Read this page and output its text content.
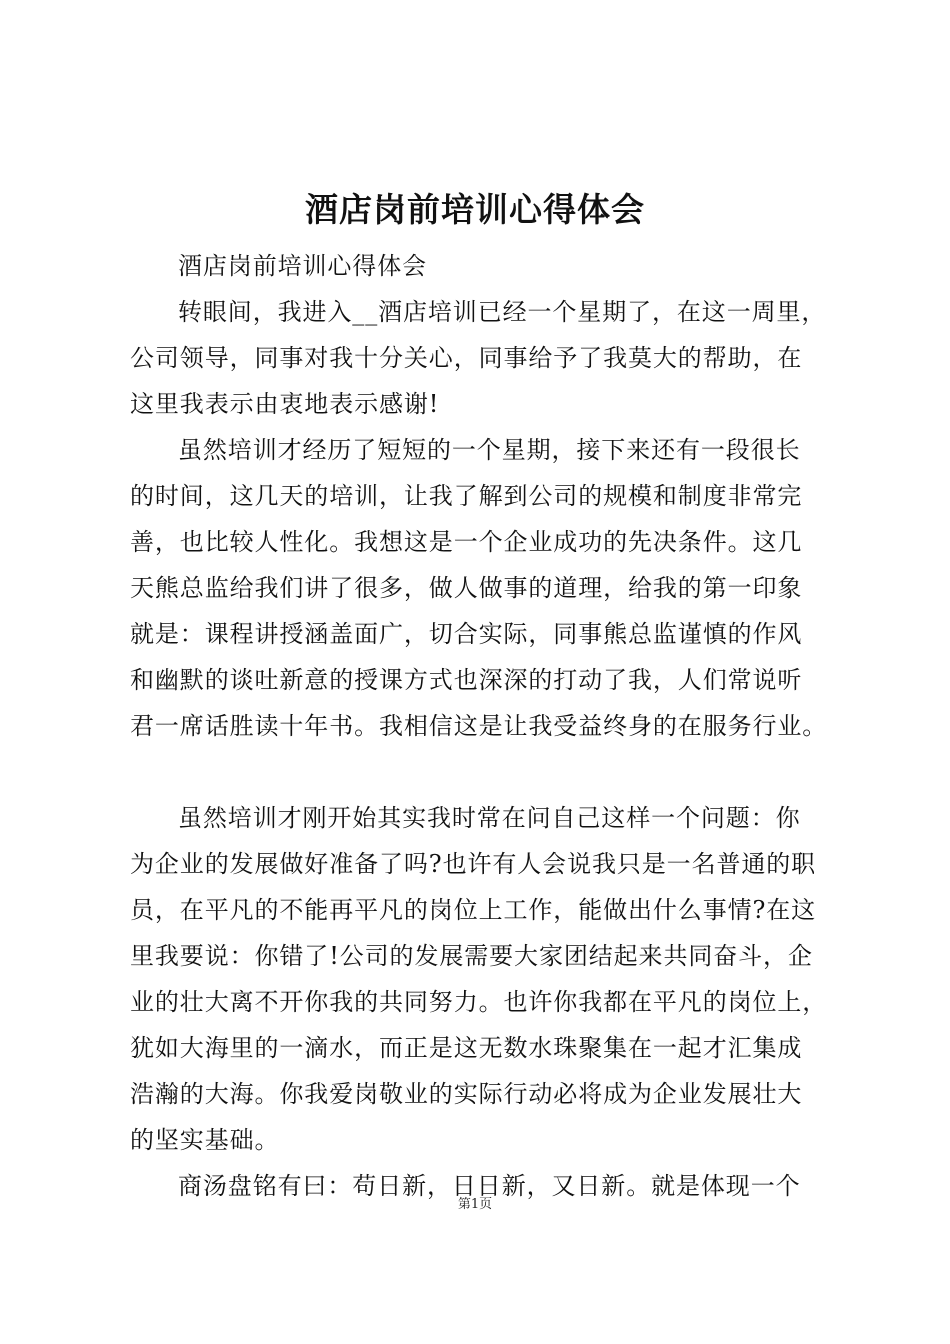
酒店岗前培训心得体会
酒店岗前培训心得体会
转眼间，我进入__酒店培训已经一个星期了，在这一周里，
公司领导，同事对我十分关心，同事给予了我莫大的帮助，在
这里我表示由衷地表示感谢!
虽然培训才经历了短短的一个星期，接下来还有一段很长
的时间，这几天的培训，让我了解到公司的规模和制度非常完
善，也比较人性化。我想这是一个企业成功的先决条件。这几
天熊总监给我们讲了很多，做人做事的道理，给我的第一印象
就是：课程讲授涵盖面广，切合实际，同事熊总监谨慎的作风
和幽默的谈吐新意的授课方式也深深的打动了我，人们常说听
君一席话胜读十年书。我相信这是让我受益终身的在服务行业。
虽然培训才刚开始其实我时常在问自己这样一个问题：你
为企业的发展做好准备了吗?也许有人会说我只是一名普通的职
员，在平凡的不能再平凡的岗位上工作，能做出什么事情?在这
里我要说：你错了!公司的发展需要大家团结起来共同奋斗，企
业的壮大离不开你我的共同努力。也许你我都在平凡的岗位上，
犹如大海里的一滴水，而正是这无数水珠聚集在一起才汇集成
浩瀚的大海。你我爱岗敬业的实际行动必将成为企业发展壮大
的坚实基础。
商汤盘铭有曰：苟日新，日日新，又日新。就是体现一个
第1页
